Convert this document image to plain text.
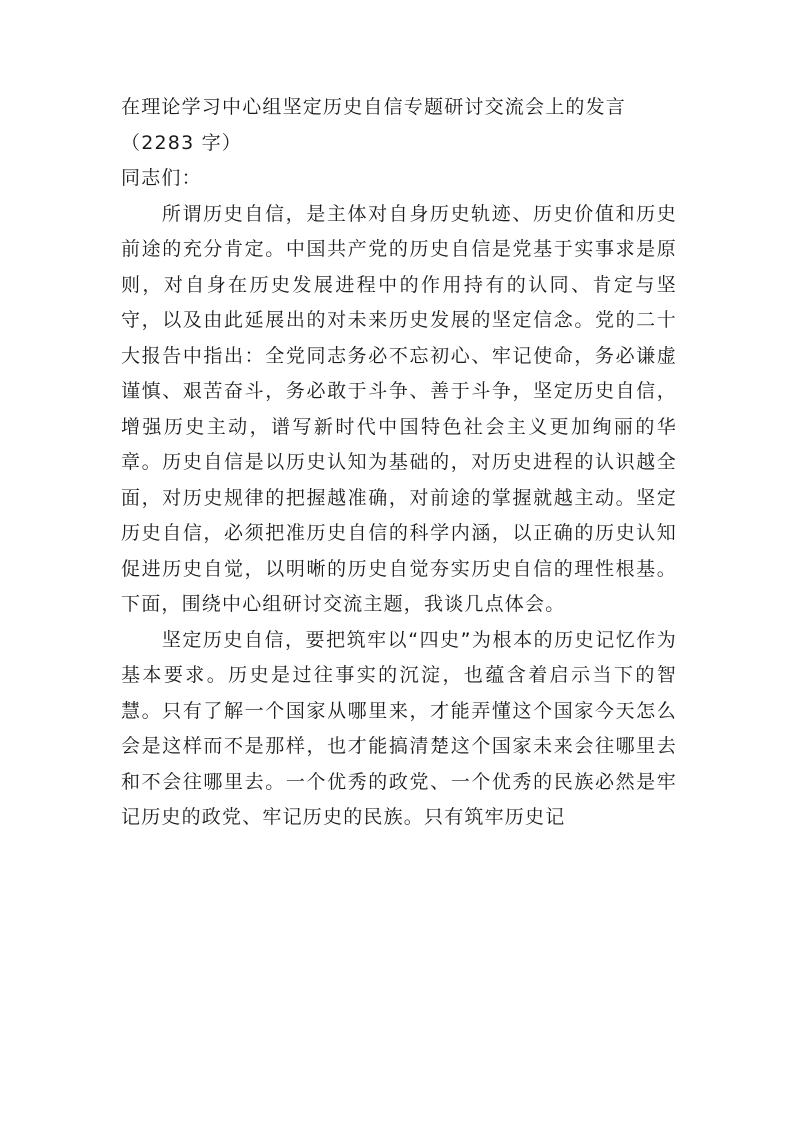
在理论学习中心组坚定历史自信专题研讨交流会上的发言（2283 字）

同志们：

所谓历史自信，是主体对自身历史轨迹、历史价值和历史前途的充分肯定。中国共产党的历史自信是党基于实事求是原则，对自身在历史发展进程中的作用持有的认同、肯定与坚守，以及由此延展出的对未来历史发展的坚定信念。党的二十大报告中指出：全党同志务必不忘初心、牢记使命，务必谦虚谨慎、艰苦奋斗，务必敢于斗争、善于斗争，坚定历史自信，增强历史主动，谱写新时代中国特色社会主义更加绚丽的华章。历史自信是以历史认知为基础的，对历史进程的认识越全面，对历史规律的把握越准确，对前途的掌握就越主动。坚定历史自信，必须把准历史自信的科学内涵，以正确的历史认知促进历史自觉，以明晰的历史自觉夯实历史自信的理性根基。下面，围绕中心组研讨交流主题，我谈几点体会。

坚定历史自信，要把筑牢以“四史”为根本的历史记忆作为基本要求。历史是过往事实的沉淀，也蕴含着启示当下的智慧。只有了解一个国家从哪里来，才能弄懂这个国家今天怎么会是这样而不是那样，也才能搞清楚这个国家未来会往哪里去和不会往哪里去。一个优秀的政党、一个优秀的民族必然是牢记历史的政党、牢记历史的民族。只有筑牢历史记
